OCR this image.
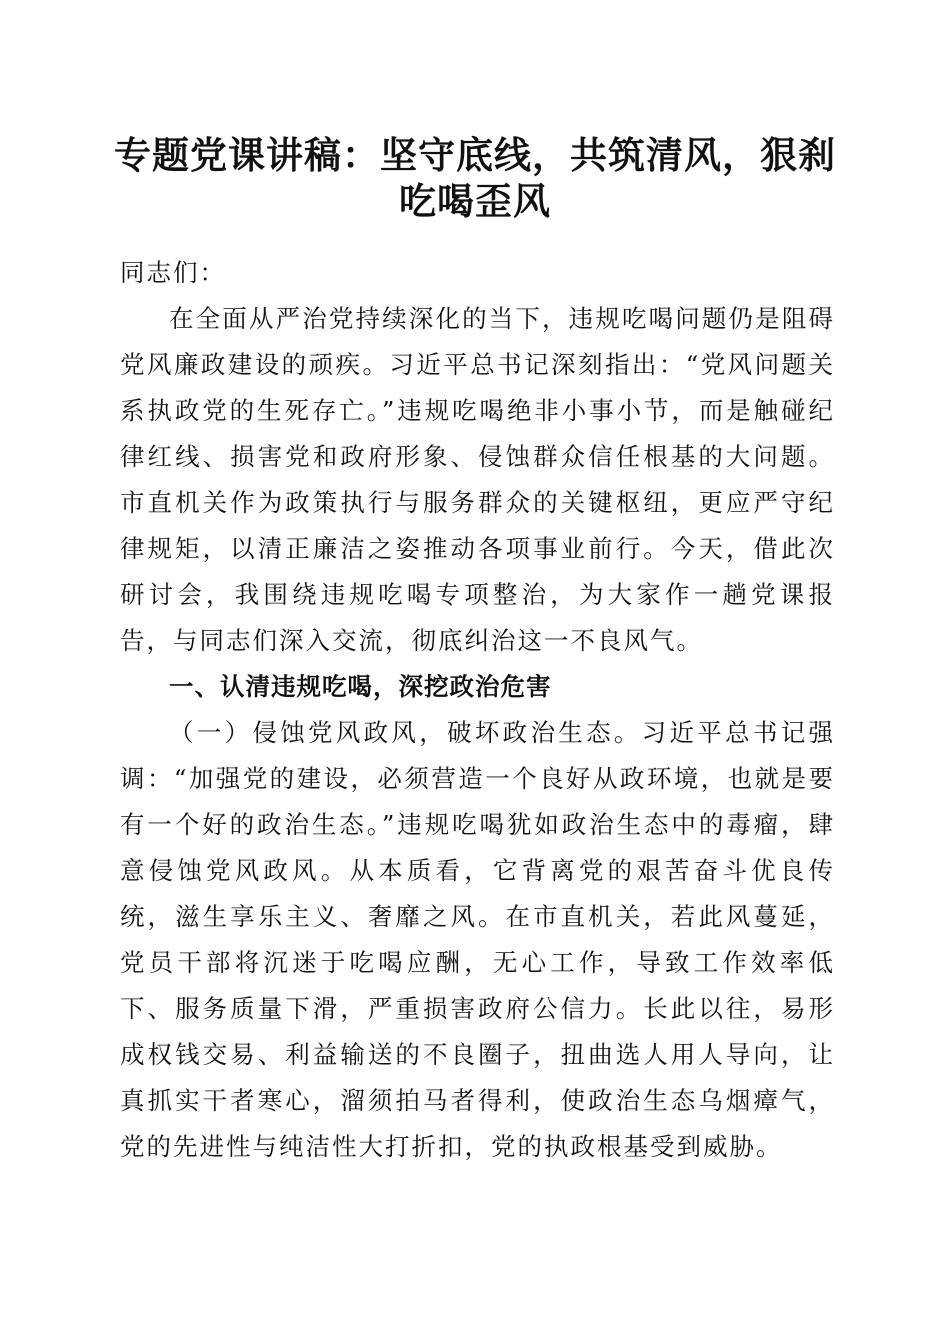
专题党课讲稿：坚守底线，共筑清风，狠刹吃喝歪风

同志们：

在全面从严治党持续深化的当下，违规吃喝问题仍是阻碍党风廉政建设的顽疾。习近平总书记深刻指出：“党风问题关系执政党的生死存亡。”违规吃喝绝非小事小节，而是触碰纪律红线、损害党和政府形象、侵蚀群众信任根基的大问题。市直机关作为政策执行与服务群众的关键枢纽，更应严守纪律规矩，以清正廉洁之姿推动各项事业前行。今天，借此次研讨会，我围绕违规吃喝专项整治，为大家作一趟党课报告，与同志们深入交流，彻底纠治这一不良风气。

一、认清违规吃喝，深挖政治危害

（一）侵蚀党风政风，破坏政治生态。习近平总书记强调：“加强党的建设，必须营造一个良好从政环境，也就是要有一个好的政治生态。”违规吃喝犹如政治生态中的毒瘤，肆意侵蚀党风政风。从本质看，它背离党的艰苦奋斗优良传统，滋生享乐主义、奢靡之风。在市直机关，若此风蔓延，党员干部将沉迷于吃喝应酬，无心工作，导致工作效率低下、服务质量下滑，严重损害政府公信力。长此以往，易形成权钱交易、利益输送的不良圈子，扭曲选人用人导向，让真抓实干者寒心，溜须拍马者得利，使政治生态乌烟瘴气，党的先进性与纯洁性大打折扣，党的执政根基受到威胁。
